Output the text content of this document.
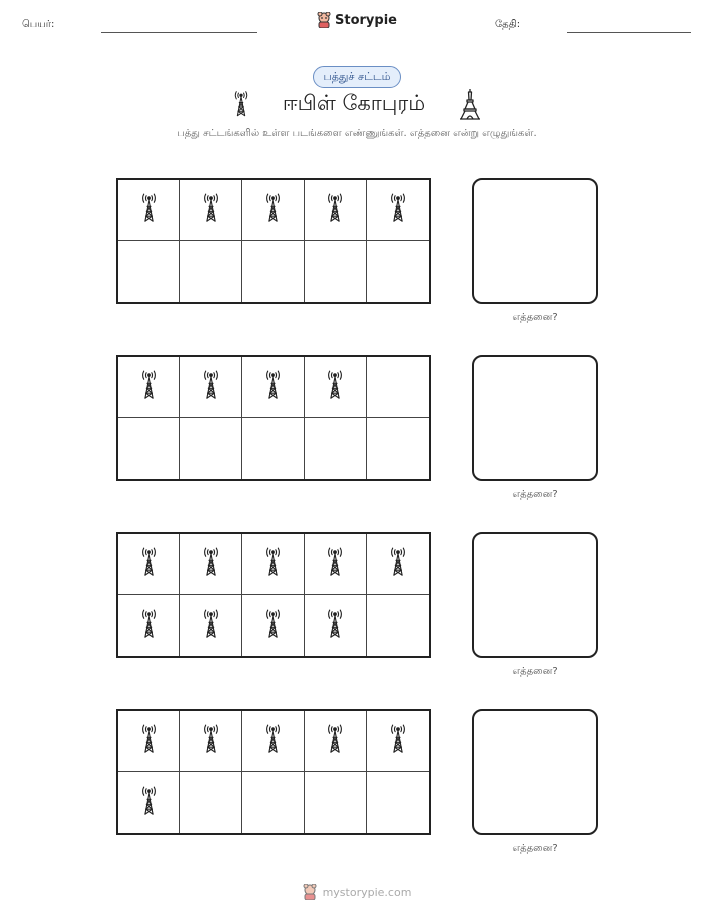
பெயர்:	Storypie	தேதி:
பத்துச் சட்டம்
ஈபிள் கோபுரம்
பத்து சட்டங்களில் உள்ள படங்களை எண்ணுங்கள். எத்தனை என்று எழுதுங்கள்.
எத்தனை?
எத்தனை?
எத்தனை?
எத்தனை?
mystorypie.com
